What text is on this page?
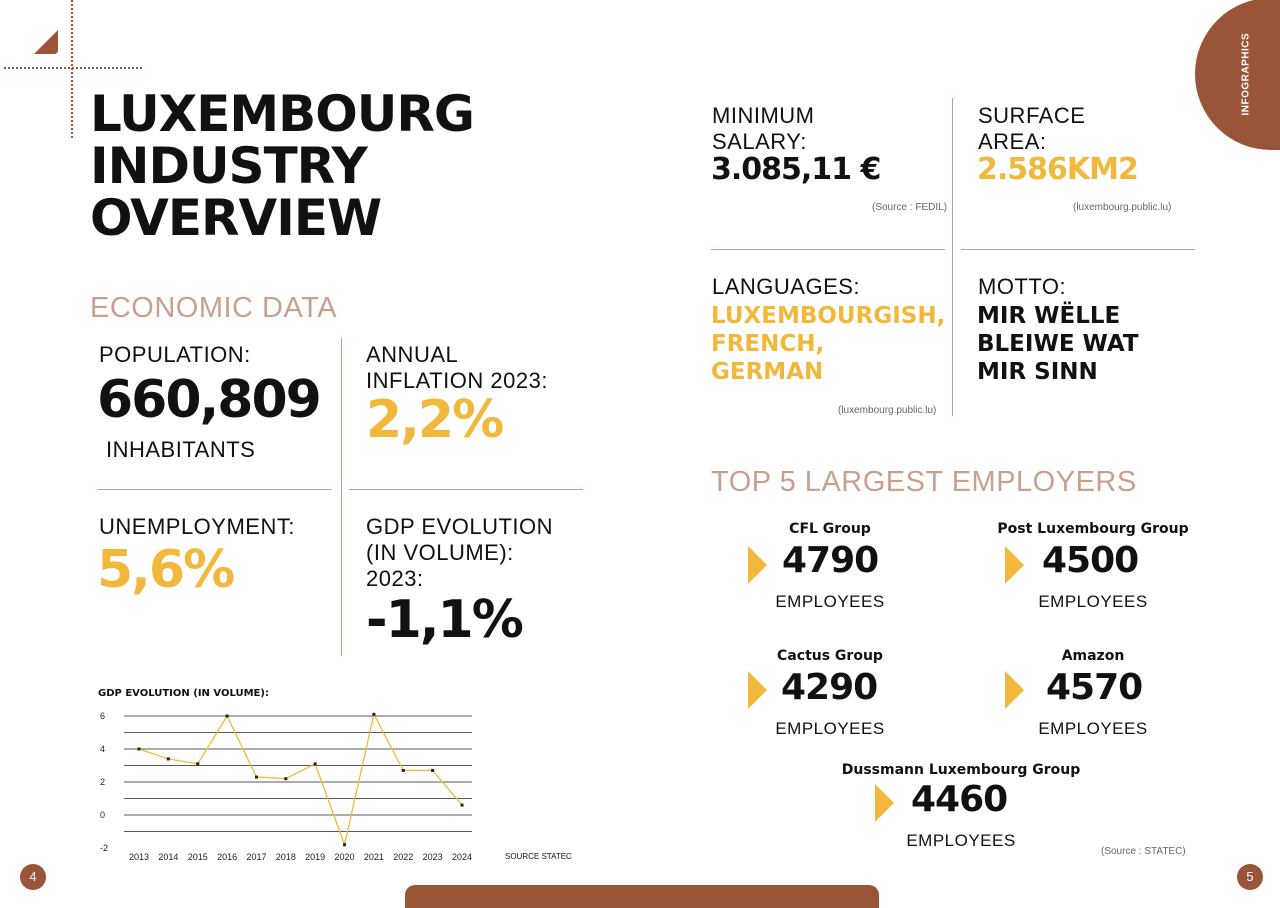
INFOGRAPHICS
LUXEMBOURG
INDUSTRY
OVERVIEW
ECONOMIC DATA
POPULATION:
660,809
INHABITANTS
ANNUAL
INFLATION 2023:
2,2%
UNEMPLOYMENT:
5,6%
GDP EVOLUTION
(IN VOLUME):
2023:
-1,1%
GDP EVOLUTION (IN VOLUME):
-2
0
2
4
6
2013 2014 2015 2016 2017 2018 2019 2020 2021 2022 2023 2024	SOURCE STATEC
MINIMUM
SALARY:
3.085,11 €
(Source : FEDIL)
SURFACE
AREA:
2.586KM2
(luxembourg.public.lu)
LANGUAGES:
LUXEMBOURGISH,
FRENCH,
GERMAN
(luxembourg.public.lu)
MOTTO:
MIR WËLLE
BLEIWE WAT
MIR SINN
TOP 5 LARGEST EMPLOYERS
CFL Group
4790
EMPLOYEES
Post Luxembourg Group
4500
EMPLOYEES
Cactus Group
4290
EMPLOYEES
Amazon
4570
EMPLOYEES
Dussmann Luxembourg Group
4460
EMPLOYEES
(Source : STATEC)
4	5
